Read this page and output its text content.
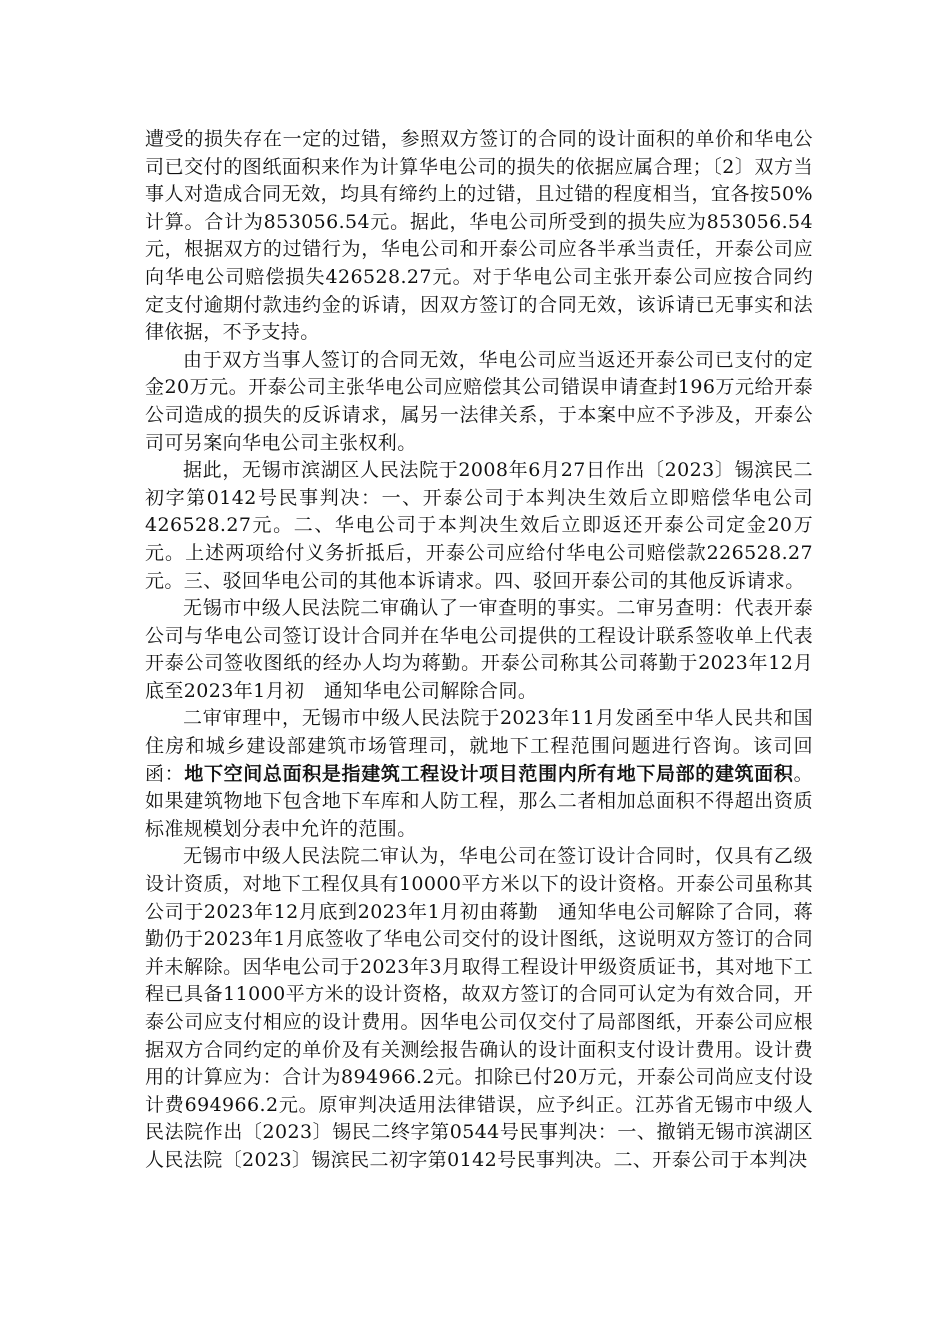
遭受的损失存在一定的过错，参照双方签订的合同的设计面积的单价和华电公司已交付的图纸面积来作为计算华电公司的损失的依据应属合理；〔2〕双方当事人对造成合同无效，均具有缔约上的过错，且过错的程度相当，宜各按50%计算。合计为853056.54元。据此，华电公司所受到的损失应为853056.54元，根据双方的过错行为，华电公司和开泰公司应各半承当责任，开泰公司应向华电公司赔偿损失426528.27元。对于华电公司主张开泰公司应按合同约定支付逾期付款违约金的诉请，因双方签订的合同无效，该诉请已无事实和法律依据，不予支持。

由于双方当事人签订的合同无效，华电公司应当返还开泰公司已支付的定金20万元。开泰公司主张华电公司应赔偿其公司错误申请查封196万元给开泰公司造成的损失的反诉请求，属另一法律关系，于本案中应不予涉及，开泰公司可另案向华电公司主张权利。

据此，无锡市滨湖区人民法院于2008年6月27日作出〔2023〕锡滨民二初字第0142号民事判决：一、开泰公司于本判决生效后立即赔偿华电公司426528.27元。二、华电公司于本判决生效后立即返还开泰公司定金20万元。上述两项给付义务折抵后，开泰公司应给付华电公司赔偿款226528.27元。三、驳回华电公司的其他本诉请求。四、驳回开泰公司的其他反诉请求。

无锡市中级人民法院二审确认了一审查明的事实。二审另查明：代表开泰公司与华电公司签订设计合同并在华电公司提供的工程设计联系签收单上代表开泰公司签收图纸的经办人均为蒋勤。开泰公司称其公司蒋勤于2023年12月底至2023年1月初　通知华电公司解除合同。

二审审理中，无锡市中级人民法院于2023年11月发函至中华人民共和国住房和城乡建设部建筑市场管理司，就地下工程范围问题进行咨询。该司回函：地下空间总面积是指建筑工程设计项目范围内所有地下局部的建筑面积。如果建筑物地下包含地下车库和人防工程，那么二者相加总面积不得超出资质标准规模划分表中允许的范围。

无锡市中级人民法院二审认为，华电公司在签订设计合同时，仅具有乙级设计资质，对地下工程仅具有10000平方米以下的设计资格。开泰公司虽称其公司于2023年12月底到2023年1月初由蒋勤　通知华电公司解除了合同，蒋勤仍于2023年1月底签收了华电公司交付的设计图纸，这说明双方签订的合同并未解除。因华电公司于2023年3月取得工程设计甲级资质证书，其对地下工程已具备11000平方米的设计资格，故双方签订的合同可认定为有效合同，开泰公司应支付相应的设计费用。因华电公司仅交付了局部图纸，开泰公司应根据双方合同约定的单价及有关测绘报告确认的设计面积支付设计费用。设计费用的计算应为：合计为894966.2元。扣除已付20万元，开泰公司尚应支付设计费694966.2元。原审判决适用法律错误，应予纠正。江苏省无锡市中级人民法院作出〔2023〕锡民二终字第0544号民事判决：一、撤销无锡市滨湖区人民法院〔2023〕锡滨民二初字第0142号民事判决。二、开泰公司于本判决
